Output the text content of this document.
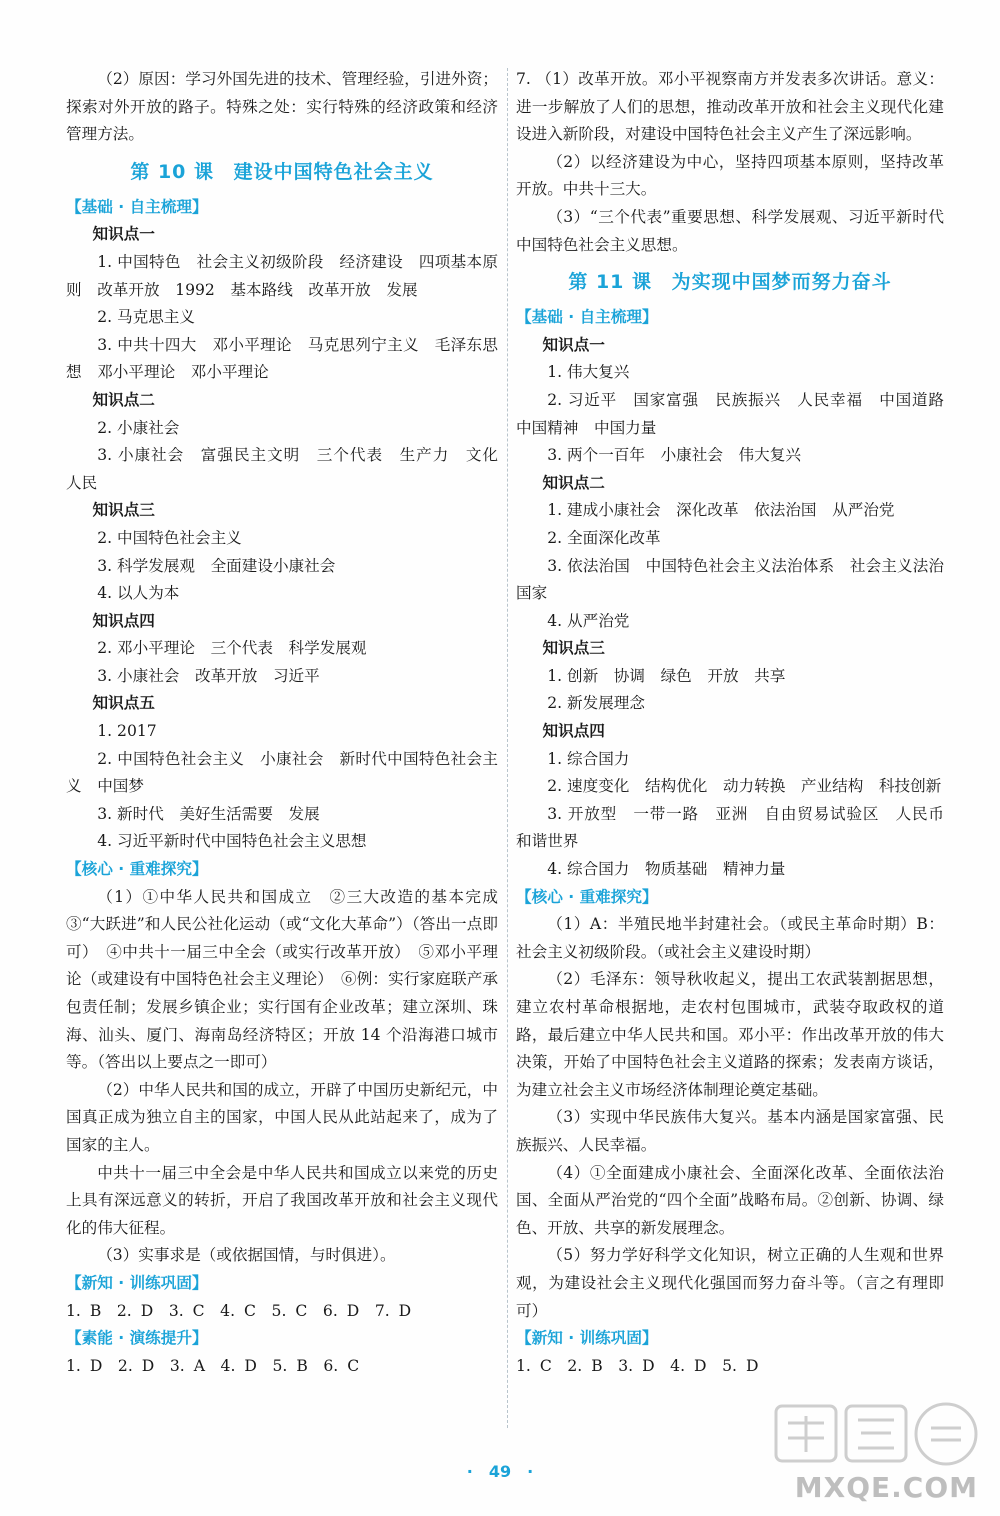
（2）原因：学习外国先进的技术、管理经验，引进外资；探索对外开放的路子。特殊之处：实行特殊的经济政策和经济管理方法。

第 10 课 建设中国特色社会主义

【基础 · 自主梳理】

知识点一

1. 中国特色　社会主义初级阶段　经济建设　四项基本原则　改革开放　1992　基本路线　改革开放　发展

2. 马克思主义

3. 中共十四大　邓小平理论　马克思列宁主义　毛泽东思想　邓小平理论　邓小平理论

知识点二

2. 小康社会

3. 小康社会　富强民主文明　三个代表　生产力　文化　人民

知识点三

2. 中国特色社会主义

3. 科学发展观　全面建设小康社会

4. 以人为本

知识点四

2. 邓小平理论　三个代表　科学发展观

3. 小康社会　改革开放　习近平

知识点五

1. 2017

2. 中国特色社会主义　小康社会　新时代中国特色社会主义　中国梦

3. 新时代　美好生活需要　发展

4. 习近平新时代中国特色社会主义思想

【核心 · 重难探究】

（1）①中华人民共和国成立　②三大改造的基本完成　③“大跃进”和人民公社化运动（或“文化大革命”）（答出一点即可）　④中共十一届三中全会（或实行改革开放）　⑤邓小平理论（或建设有中国特色社会主义理论）　⑥例：实行家庭联产承包责任制；发展乡镇企业；实行国有企业改革；建立深圳、珠海、汕头、厦门、海南岛经济特区；开放 14 个沿海港口城市等。（答出以上要点之一即可）

（2）中华人民共和国的成立，开辟了中国历史新纪元，中国真正成为独立自主的国家，中国人民从此站起来了，成为了国家的主人。

中共十一届三中全会是中华人民共和国成立以来党的历史上具有深远意义的转折，开启了我国改革开放和社会主义现代化的伟大征程。

（3）实事求是（或依据国情，与时俱进）。

【新知 · 训练巩固】

1. B　2. D　3. C　4. C　5. C　6. D　7. D

【素能 · 演练提升】

1. D　2. D　3. A　4. D　5. B　6. C

7. （1）改革开放。邓小平视察南方并发表多次讲话。意义：进一步解放了人们的思想，推动改革开放和社会主义现代化建设进入新阶段，对建设中国特色社会主义产生了深远影响。

（2）以经济建设为中心，坚持四项基本原则，坚持改革开放。中共十三大。

（3）“三个代表”重要思想、科学发展观、习近平新时代中国特色社会主义思想。

第 11 课 为实现中国梦而努力奋斗

【基础 · 自主梳理】

知识点一

1. 伟大复兴

2. 习近平　国家富强　民族振兴　人民幸福　中国道路　中国精神　中国力量

3. 两个一百年　小康社会　伟大复兴

知识点二

1. 建成小康社会　深化改革　依法治国　从严治党

2. 全面深化改革

3. 依法治国　中国特色社会主义法治体系　社会主义法治国家

4. 从严治党

知识点三

1. 创新　协调　绿色　开放　共享

2. 新发展理念

知识点四

1. 综合国力

2. 速度变化　结构优化　动力转换　产业结构　科技创新

3. 开放型　一带一路　亚洲　自由贸易试验区　人民币　和谐世界

4. 综合国力　物质基础　精神力量

【核心 · 重难探究】

（1）A：半殖民地半封建社会。（或民主革命时期）B：社会主义初级阶段。（或社会主义建设时期）

（2）毛泽东：领导秋收起义，提出工农武装割据思想，建立农村革命根据地，走农村包围城市，武装夺取政权的道路，最后建立中华人民共和国。邓小平：作出改革开放的伟大决策，开始了中国特色社会主义道路的探索；发表南方谈话，为建立社会主义市场经济体制理论奠定基础。

（3）实现中华民族伟大复兴。基本内涵是国家富强、民族振兴、人民幸福。

（4）①全面建成小康社会、全面深化改革、全面依法治国、全面从严治党的“四个全面”战略布局。②创新、协调、绿色、开放、共享的新发展理念。

（5）努力学好科学文化知识，树立正确的人生观和世界观，为建设社会主义现代化强国而努力奋斗等。（言之有理即可）

【新知 · 训练巩固】

1. C　2. B　3. D　4. D　5. D

· 49 ·	MXQE.COM
